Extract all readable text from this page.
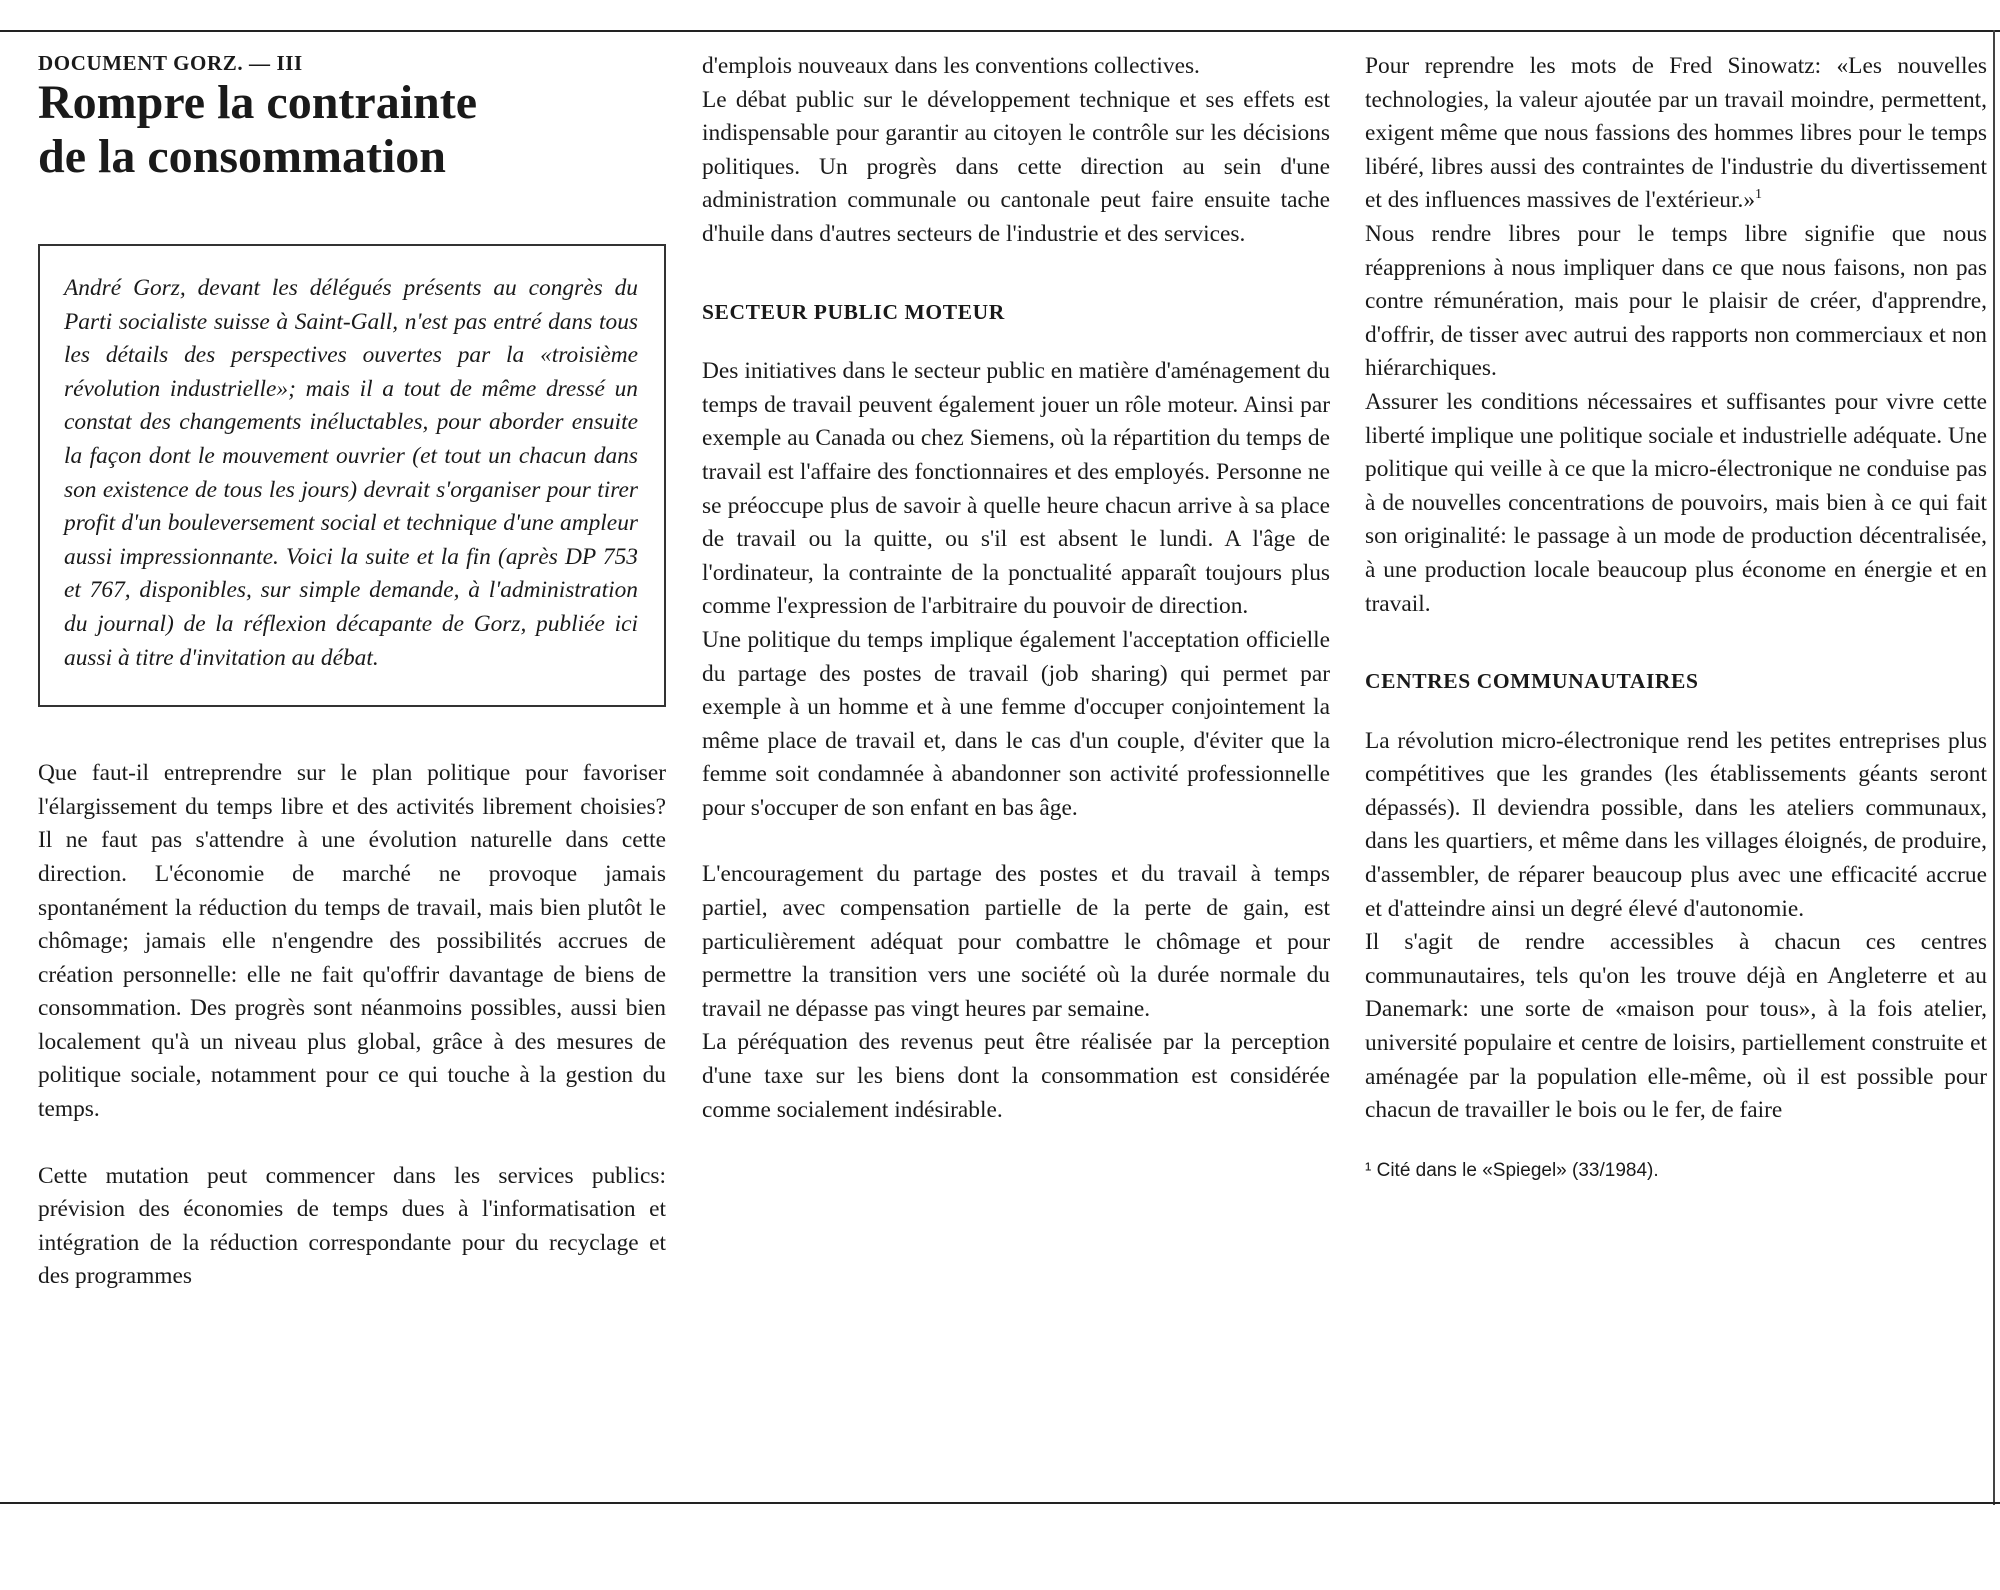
DOCUMENT GORZ. — III

Rompre la contrainte
de la consommation

André Gorz, devant les délégués présents au congrès du Parti socialiste suisse à Saint-Gall, n'est pas entré dans tous les détails des perspectives ouvertes par la «troisième révolution industrielle»; mais il a tout de même dressé un constat des changements inéluctables, pour aborder ensuite la façon dont le mouvement ouvrier (et tout un chacun dans son existence de tous les jours) devrait s'organiser pour tirer profit d'un bouleversement social et technique d'une ampleur aussi impressionnante. Voici la suite et la fin (après DP 753 et 767, disponibles, sur simple demande, à l'administration du journal) de la réflexion décapante de Gorz, publiée ici aussi à titre d'invitation au débat.

Que faut-il entreprendre sur le plan politique pour favoriser l'élargissement du temps libre et des activités librement choisies? Il ne faut pas s'attendre à une évolution naturelle dans cette direction. L'économie de marché ne provoque jamais spontanément la réduction du temps de travail, mais bien plutôt le chômage; jamais elle n'engendre des possibilités accrues de création personnelle: elle ne fait qu'offrir davantage de biens de consommation. Des progrès sont néanmoins possibles, aussi bien localement qu'à un niveau plus global, grâce à des mesures de politique sociale, notamment pour ce qui touche à la gestion du temps.

Cette mutation peut commencer dans les services publics: prévision des économies de temps dues à l'informatisation et intégration de la réduction correspondante pour du recyclage et des programmes

d'emplois nouveaux dans les conventions collectives.

Le débat public sur le développement technique et ses effets est indispensable pour garantir au citoyen le contrôle sur les décisions politiques. Un progrès dans cette direction au sein d'une administration communale ou cantonale peut faire ensuite tache d'huile dans d'autres secteurs de l'industrie et des services.

SECTEUR PUBLIC MOTEUR

Des initiatives dans le secteur public en matière d'aménagement du temps de travail peuvent également jouer un rôle moteur. Ainsi par exemple au Canada ou chez Siemens, où la répartition du temps de travail est l'affaire des fonctionnaires et des employés. Personne ne se préoccupe plus de savoir à quelle heure chacun arrive à sa place de travail ou la quitte, ou s'il est absent le lundi. A l'âge de l'ordinateur, la contrainte de la ponctualité apparaît toujours plus comme l'expression de l'arbitraire du pouvoir de direction.

Une politique du temps implique également l'acceptation officielle du partage des postes de travail (job sharing) qui permet par exemple à un homme et à une femme d'occuper conjointement la même place de travail et, dans le cas d'un couple, d'éviter que la femme soit condamnée à abandonner son activité professionnelle pour s'occuper de son enfant en bas âge.

L'encouragement du partage des postes et du travail à temps partiel, avec compensation partielle de la perte de gain, est particulièrement adéquat pour combattre le chômage et pour permettre la transition vers une société où la durée normale du travail ne dépasse pas vingt heures par semaine.

La péréquation des revenus peut être réalisée par la perception d'une taxe sur les biens dont la consommation est considérée comme socialement indésirable.

Pour reprendre les mots de Fred Sinowatz: «Les nouvelles technologies, la valeur ajoutée par un travail moindre, permettent, exigent même que nous fassions des hommes libres pour le temps libéré, libres aussi des contraintes de l'industrie du divertissement et des influences massives de l'extérieur.»$^1$

Nous rendre libres pour le temps libre signifie que nous réapprenions à nous impliquer dans ce que nous faisons, non pas contre rémunération, mais pour le plaisir de créer, d'apprendre, d'offrir, de tisser avec autrui des rapports non commerciaux et non hiérarchiques.

Assurer les conditions nécessaires et suffisantes pour vivre cette liberté implique une politique sociale et industrielle adéquate. Une politique qui veille à ce que la micro-électronique ne conduise pas à de nouvelles concentrations de pouvoirs, mais bien à ce qui fait son originalité: le passage à un mode de production décentralisée, à une production locale beaucoup plus économe en énergie et en travail.

CENTRES COMMUNAUTAIRES

La révolution micro-électronique rend les petites entreprises plus compétitives que les grandes (les établissements géants seront dépassés). Il deviendra possible, dans les ateliers communaux, dans les quartiers, et même dans les villages éloignés, de produire, d'assembler, de réparer beaucoup plus avec une efficacité accrue et d'atteindre ainsi un degré élevé d'autonomie.

Il s'agit de rendre accessibles à chacun ces centres communautaires, tels qu'on les trouve déjà en Angleterre et au Danemark: une sorte de «maison pour tous», à la fois atelier, université populaire et centre de loisirs, partiellement construite et aménagée par la population elle-même, où il est possible pour chacun de travailler le bois ou le fer, de faire

¹ Cité dans le «Spiegel» (33/1984).
